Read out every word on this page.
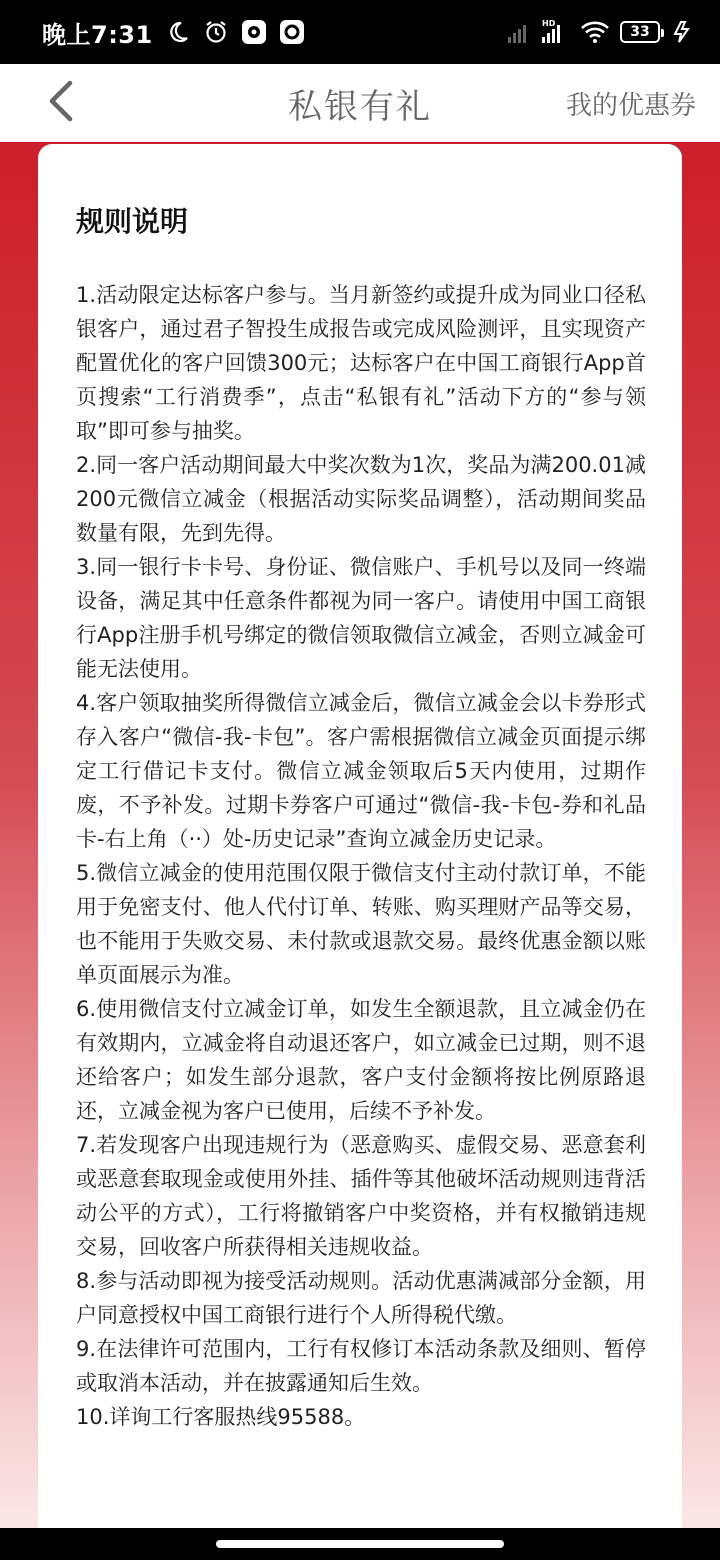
晚上7:31	HD
33
私银有礼	我的优惠券
规则说明

1.活动限定达标客户参与。当月新签约或提升成为同业口径私银客户，通过君子智投生成报告或完成风险测评，且实现资产配置优化的客户回馈300元；达标客户在中国工商银行App首页搜索“工行消费季”，点击“私银有礼”活动下方的“参与领取”即可参与抽奖。

2.同一客户活动期间最大中奖次数为1次，奖品为满200.01减200元微信立减金（根据活动实际奖品调整），活动期间奖品数量有限，先到先得。

3.同一银行卡卡号、身份证、微信账户、手机号以及同一终端设备，满足其中任意条件都视为同一客户。请使用中国工商银行App注册手机号绑定的微信领取微信立减金，否则立减金可能无法使用。

4.客户领取抽奖所得微信立减金后，微信立减金会以卡券形式存入客户“微信-我-卡包”。客户需根据微信立减金页面提示绑定工行借记卡支付。微信立减金领取后5天内使用，过期作废，不予补发。过期卡券客户可通过“微信-我-卡包-券和礼品卡-右上角（··）处-历史记录”查询立减金历史记录。

5.微信立减金的使用范围仅限于微信支付主动付款订单，不能用于免密支付、他人代付订单、转账、购买理财产品等交易，也不能用于失败交易、未付款或退款交易。最终优惠金额以账单页面展示为准。

6.使用微信支付立减金订单，如发生全额退款，且立减金仍在有效期内，立减金将自动退还客户，如立减金已过期，则不退还给客户；如发生部分退款，客户支付金额将按比例原路退还，立减金视为客户已使用，后续不予补发。

7.若发现客户出现违规行为（恶意购买、虚假交易、恶意套利或恶意套取现金或使用外挂、插件等其他破坏活动规则违背活动公平的方式），工行将撤销客户中奖资格，并有权撤销违规交易，回收客户所获得相关违规收益。

8.参与活动即视为接受活动规则。活动优惠满减部分金额，用户同意授权中国工商银行进行个人所得税代缴。

9.在法律许可范围内，工行有权修订本活动条款及细则、暂停或取消本活动，并在披露通知后生效。

10.详询工行客服热线95588。
